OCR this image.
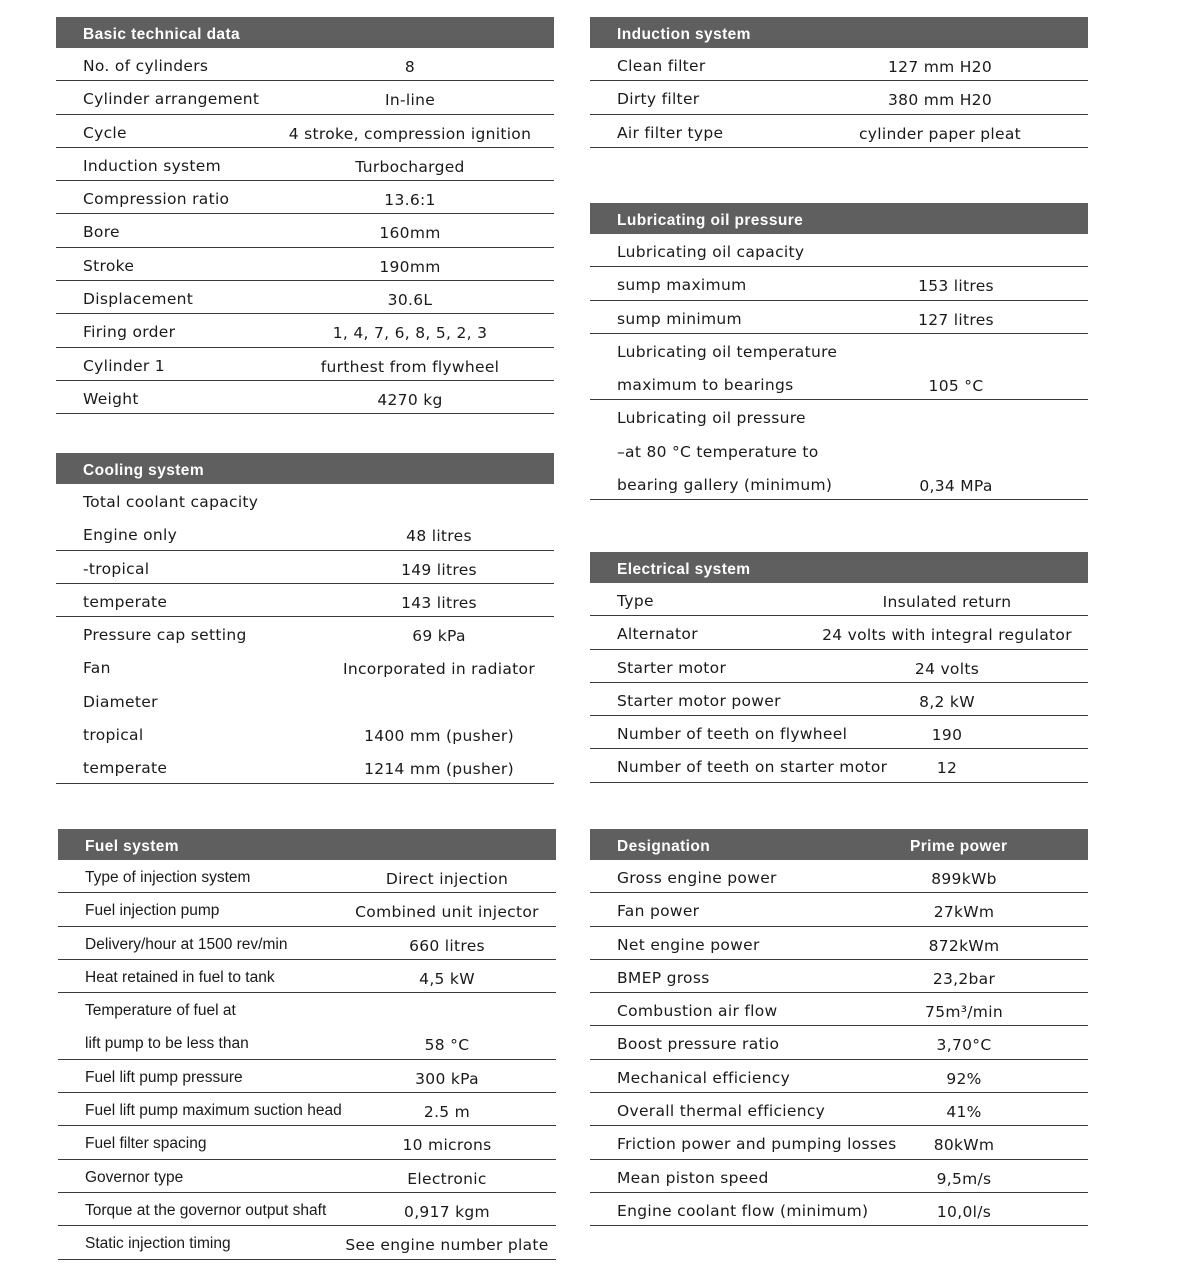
Basic technical data
No. of cylinders	8
Cylinder arrangement	In-line
Cycle	4 stroke, compression ignition
Induction system	Turbocharged
Compression ratio	13.6:1
Bore	160mm
Stroke	190mm
Displacement	30.6L
Firing order	1, 4, 7, 6, 8, 5, 2, 3
Cylinder 1	furthest from flywheel
Weight	4270 kg
Cooling system
Total coolant capacity
Engine only	48 litres
-tropical	149 litres
temperate	143 litres
Pressure cap setting	69 kPa
Fan	Incorporated in radiator
Diameter
tropical	1400 mm (pusher)
temperate	1214 mm (pusher)
Fuel system
Type of injection system	Direct injection
Fuel injection pump	Combined unit injector
Delivery/hour at 1500 rev/min	660 litres
Heat retained in fuel to tank	4,5 kW
Temperature of fuel at
lift pump to be less than	58 °C
Fuel lift pump pressure	300 kPa
Fuel lift pump maximum suction head	2.5 m
Fuel filter spacing	10 microns
Governor type	Electronic
Torque at the governor output shaft	0,917 kgm
Static injection timing	See engine number plate
Induction system
Clean filter	127 mm H20
Dirty filter	380 mm H20
Air filter type	cylinder paper pleat
Lubricating oil pressure
Lubricating oil capacity
sump maximum	153 litres
sump minimum	127 litres
Lubricating oil temperature
maximum to bearings	105 °C
Lubricating oil pressure
–at 80 °C temperature to
bearing gallery (minimum)	0,34 MPa
Electrical system
Type	Insulated return
Alternator	24 volts with integral regulator
Starter motor	24 volts
Starter motor power	8,2 kW
Number of teeth on flywheel	190
Number of teeth on starter motor	12
Designation	Prime power
Gross engine power	899kWb
Fan power	27kWm
Net engine power	872kWm
BMEP gross	23,2bar
Combustion air flow	75m³/min
Boost pressure ratio	3,70°C
Mechanical efficiency	92%
Overall thermal efficiency	41%
Friction power and pumping losses 80kWm
Mean piston speed	9,5m/s
Engine coolant flow (minimum)	10,0l/s
